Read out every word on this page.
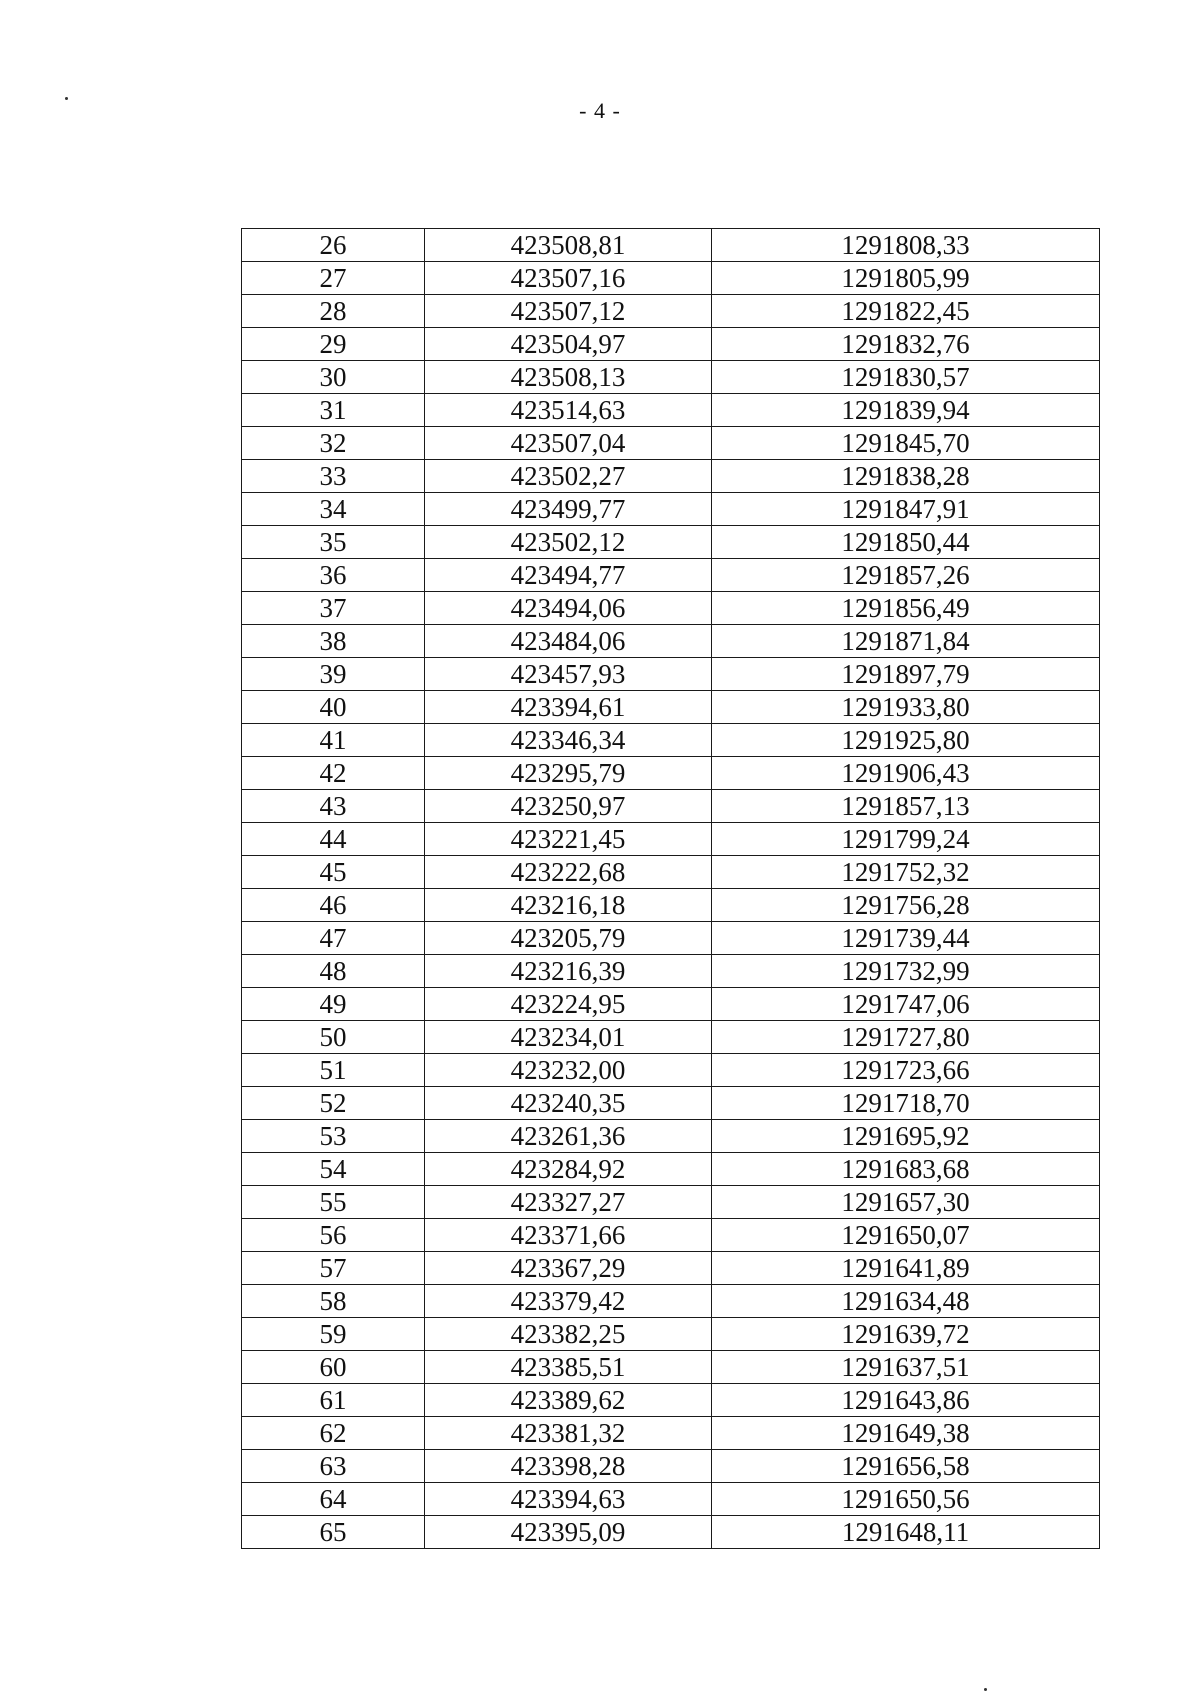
- 4 -
26	423508,81	1291808,33
27	423507,16	1291805,99
28	423507,12	1291822,45
29	423504,97	1291832,76
30	423508,13	1291830,57
31	423514,63	1291839,94
32	423507,04	1291845,70
33	423502,27	1291838,28
34	423499,77	1291847,91
35	423502,12	1291850,44
36	423494,77	1291857,26
37	423494,06	1291856,49
38	423484,06	1291871,84
39	423457,93	1291897,79
40	423394,61	1291933,80
41	423346,34	1291925,80
42	423295,79	1291906,43
43	423250,97	1291857,13
44	423221,45	1291799,24
45	423222,68	1291752,32
46	423216,18	1291756,28
47	423205,79	1291739,44
48	423216,39	1291732,99
49	423224,95	1291747,06
50	423234,01	1291727,80
51	423232,00	1291723,66
52	423240,35	1291718,70
53	423261,36	1291695,92
54	423284,92	1291683,68
55	423327,27	1291657,30
56	423371,66	1291650,07
57	423367,29	1291641,89
58	423379,42	1291634,48
59	423382,25	1291639,72
60	423385,51	1291637,51
61	423389,62	1291643,86
62	423381,32	1291649,38
63	423398,28	1291656,58
64	423394,63	1291650,56
65	423395,09	1291648,11
